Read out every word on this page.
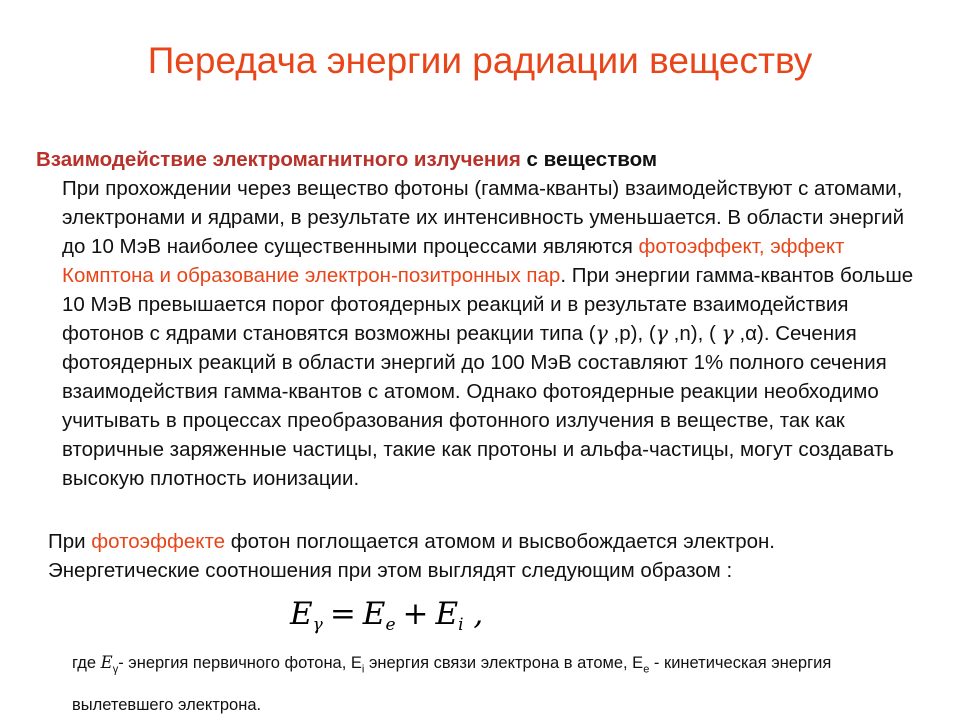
Передача энергии радиации веществу

Взаимодействие электромагнитного излучения с веществом

При прохождении через вещество фотоны (гамма-кванты) взаимодействуют с атомами, электронами и ядрами, в результате их интенсивность уменьшается. В области энергий до 10 МэВ наиболее существенными процессами являются фотоэффект, эффект Комптона и образование электрон-позитронных пар. При энергии гамма-квантов больше 10 МэВ превышается порог фотоядерных реакций и в результате взаимодействия фотонов с ядрами становятся возможны реакции типа (γ ,p), (γ ,n), ( γ ,α). Сечения фотоядерных реакций в области энергий до 100 МэВ составляют 1% полного сечения взаимодействия гамма-квантов с атомом. Однако фотоядерные реакции необходимо учитывать в процессах преобразования фотонного излучения в веществе, так как вторичные заряженные частицы, такие как протоны и альфа-частицы, могут создавать высокую плотность ионизации.

При фотоэффекте фотон поглощается атомом и высвобождается электрон. Энергетические соотношения при этом выглядят следующим образом :

$E_\gamma = E_e + E_i$ ,

где $E_\gamma-$ энергия первичного фотона, $E_i$ энергия связи электрона в атоме, $E_e$ - кинетическая энергия вылетевшего электрона.
